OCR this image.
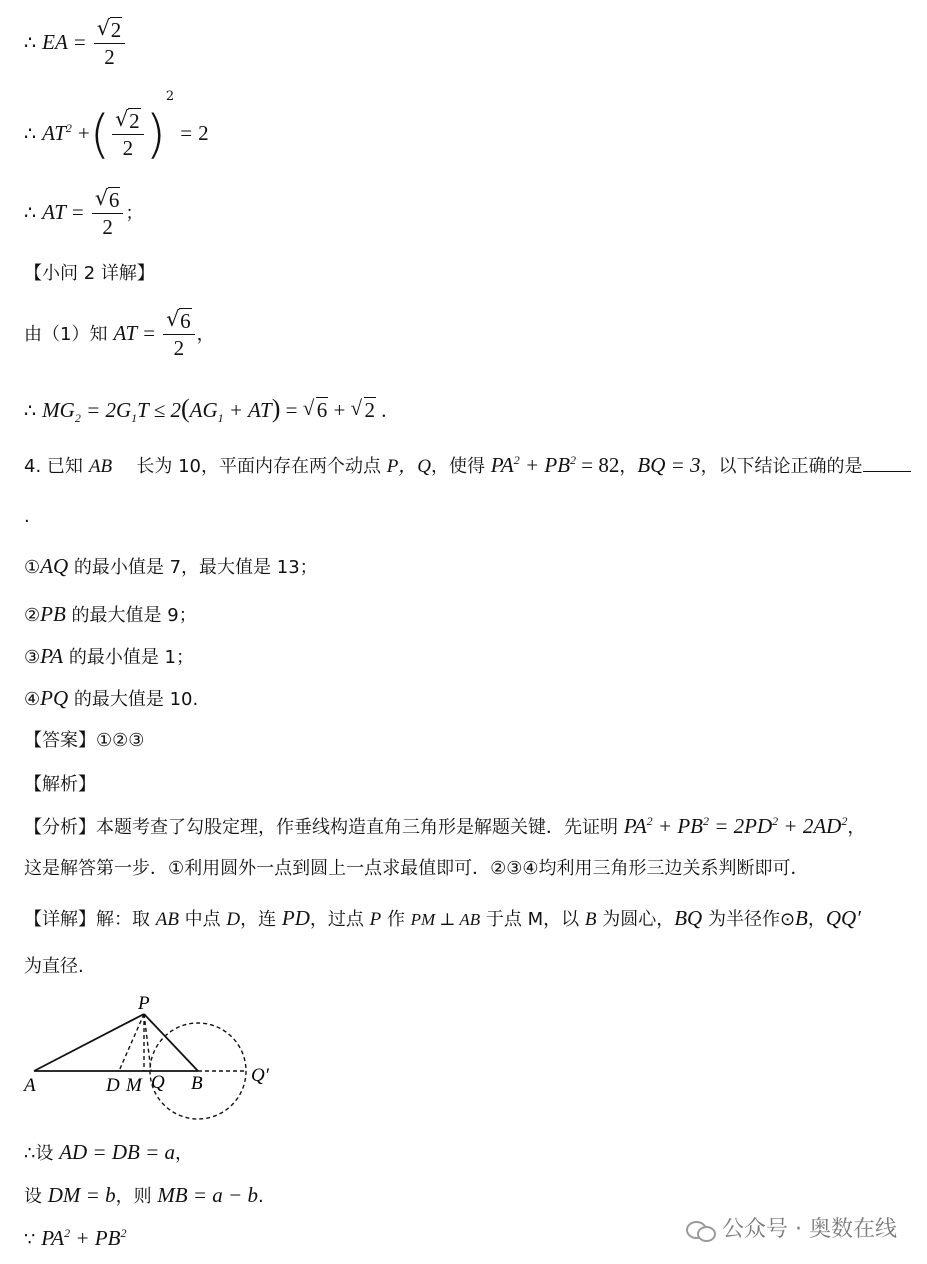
∴ EA = √ $\frac{2}{2}$
∴ $AT^2$ +( √ $\frac{2}{2} )^2 = 2$
∴ AT = √ $\frac{6}{2}$ ；
【小问 2 详解】
由（1）知 AT = √ $\frac{6}{2}$ ，
∴ $MG_2 = 2G_1T \le 2(AG_1 + AT)$ = √ 6 + √ 2 .
4. 已知 AB 长为 10，平面内存在两个动点 P，Q，使得 $PA^2 + PB^2 = 82$，BQ = 3，以下结论正确的是
.
①AQ 的最小值是 7，最大值是 13；
②PB 的最大值是 9；
③PA 的最小值是 1；
④PQ 的最大值是 10.
【答案】①②③
【解析】
【分析】本题考查了勾股定理，作垂线构造直角三角形是解题关键．先证明 $PA^2 + PB^2 = 2PD^2 + 2AD^2$，
这是解答第一步．①利用圆外一点到圆上一点求最值即可．②③④均利用三角形三边关系判断即可．
【详解】解：取 AB 中点 D，连 PD，过点 P 作 PM ⊥ AB 于点 M，以 B 为圆心，BQ 为半径作⊙B，QQ′
为直径.
P
A	D M Q B	Q′
∴设 AD = DB = a，
设 DM = b，则 MB = a − b.
∵ $PA^2 + PB^2$	公众号 · 奥数在线
